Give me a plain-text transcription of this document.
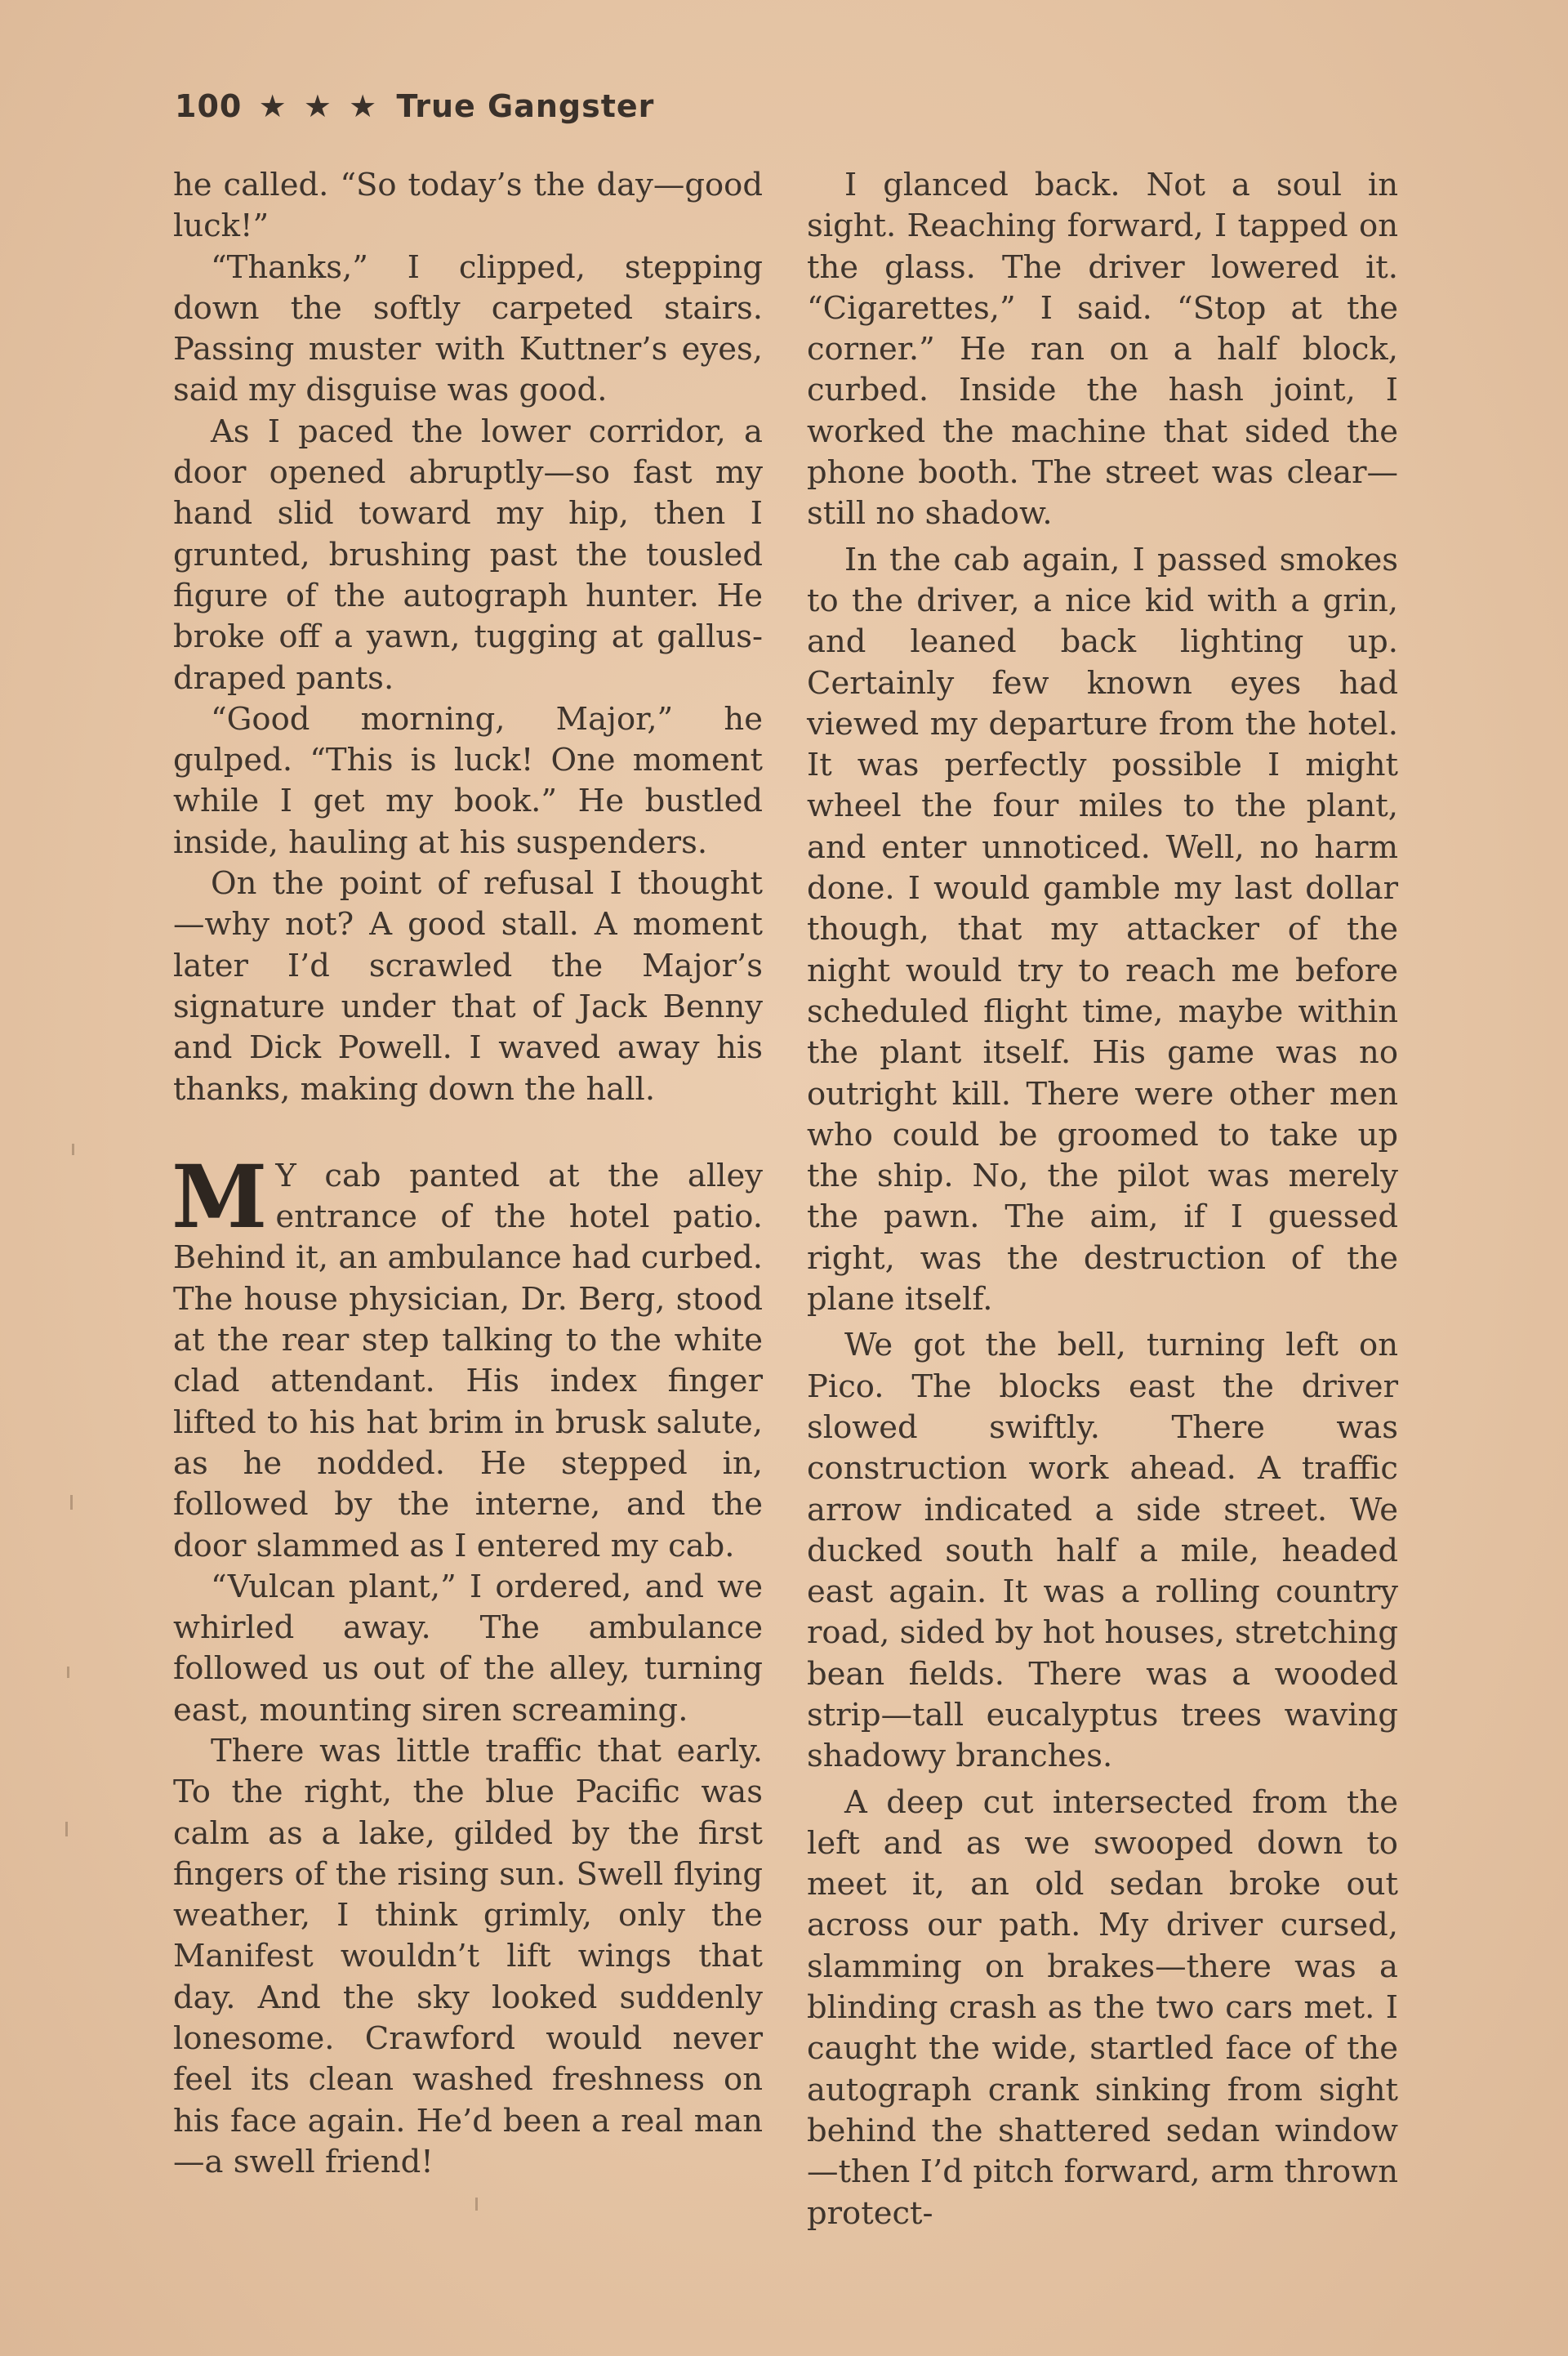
100 ★ ★ ★ True Gangster

he called. “So today’s the day—good luck!”

“Thanks,” I clipped, stepping down the softly carpeted stairs. Passing muster with Kuttner’s eyes, said my disguise was good.

As I paced the lower corridor, a door opened abruptly—so fast my hand slid toward my hip, then I grunted, brushing past the tousled figure of the autograph hunter. He broke off a yawn, tugging at gallus-draped pants.

“Good morning, Major,” he gulped. “This is luck! One moment while I get my book.” He bustled inside, hauling at his suspenders.

On the point of refusal I thought —why not? A good stall. A moment later I’d scrawled the Major’s signature under that of Jack Benny and Dick Powell. I waved away his thanks, making down the hall.

M Y cab panted at the alley entrance of the hotel patio. Behind it, an ambulance had curbed. The house physician, Dr. Berg, stood at the rear step talking to the white clad attendant. His index finger lifted to his hat brim in brusk salute, as he nodded. He stepped in, followed by the interne, and the door slammed as I entered my cab.

“Vulcan plant,” I ordered, and we whirled away. The ambulance followed us out of the alley, turning east, mounting siren screaming.

There was little traffic that early. To the right, the blue Pacific was calm as a lake, gilded by the first fingers of the rising sun. Swell flying weather, I think grimly, only the Manifest wouldn’t lift wings that day. And the sky looked suddenly lonesome. Crawford would never feel its clean washed freshness on his face again. He’d been a real man—a swell friend!

I glanced back. Not a soul in sight. Reaching forward, I tapped on the glass. The driver lowered it. “Cigarettes,” I said. “Stop at the corner.” He ran on a half block, curbed. Inside the hash joint, I worked the machine that sided the phone booth. The street was clear—still no shadow.

In the cab again, I passed smokes to the driver, a nice kid with a grin, and leaned back lighting up. Certainly few known eyes had viewed my departure from the hotel. It was perfectly possible I might wheel the four miles to the plant, and enter unnoticed. Well, no harm done. I would gamble my last dollar though, that my attacker of the night would try to reach me before scheduled flight time, maybe within the plant itself. His game was no outright kill. There were other men who could be groomed to take up the ship. No, the pilot was merely the pawn. The aim, if I guessed right, was the destruction of the plane itself.

We got the bell, turning left on Pico. The blocks east the driver slowed swiftly. There was construction work ahead. A traffic arrow indicated a side street. We ducked south half a mile, headed east again. It was a rolling country road, sided by hot houses, stretching bean fields. There was a wooded strip—tall eucalyptus trees waving shadowy branches.

A deep cut intersected from the left and as we swooped down to meet it, an old sedan broke out across our path. My driver cursed, slamming on brakes—there was a blinding crash as the two cars met. I caught the wide, startled face of the autograph crank sinking from sight behind the shattered sedan window—then I’d pitch forward, arm thrown protect-
